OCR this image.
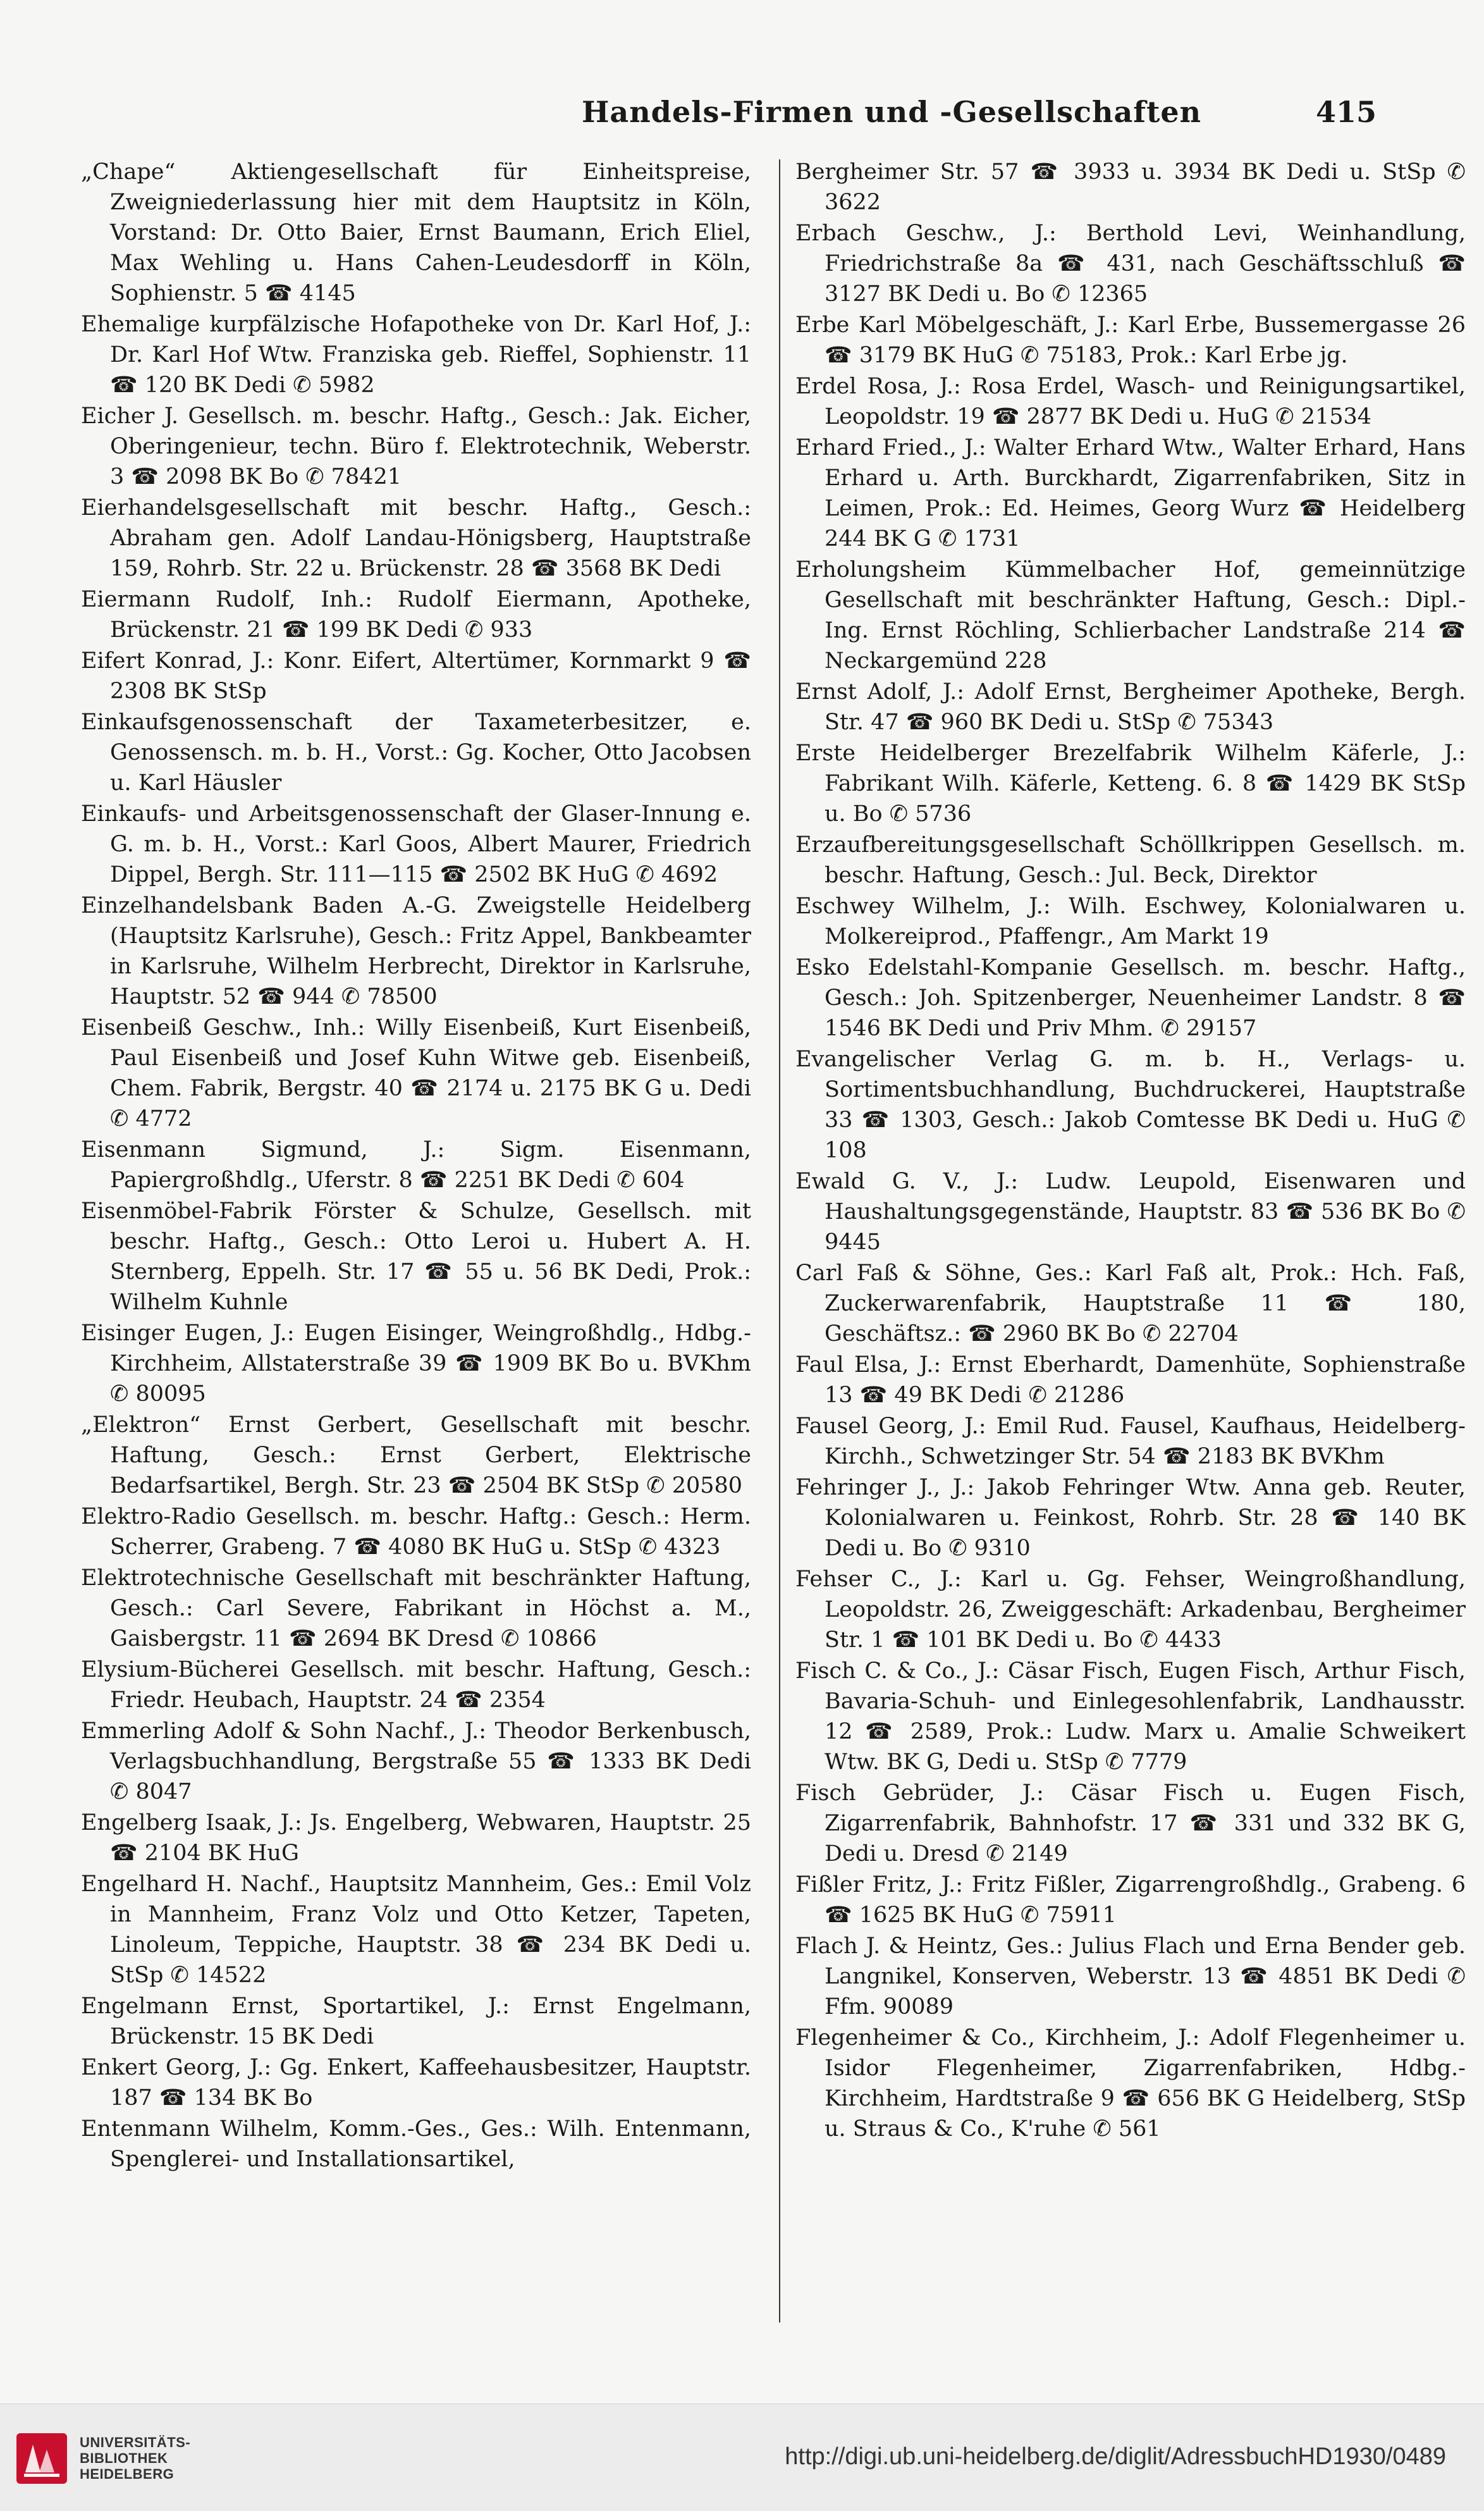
Handels-Firmen und -Gesellschaften	415

„Chape“ Aktiengesellschaft für Einheitspreise, Zweigniederlassung hier mit dem Hauptsitz in Köln, Vorstand: Dr. Otto Baier, Ernst Baumann, Erich Eliel, Max Wehling u. Hans Cahen-Leudesdorff in Köln, Sophienstr. 5 ☎ 4145

Ehemalige kurpfälzische Hofapotheke von Dr. Karl Hof, J.: Dr. Karl Hof Wtw. Franziska geb. Rieffel, Sophienstr. 11 ☎ 120 BK Dedi ✆ 5982

Eicher J. Gesellsch. m. beschr. Haftg., Gesch.: Jak. Eicher, Oberingenieur, techn. Büro f. Elektrotechnik, Weberstr. 3 ☎ 2098 BK Bo ✆ 78421

Eierhandelsgesellschaft mit beschr. Haftg., Gesch.: Abraham gen. Adolf Landau-Hönigsberg, Hauptstraße 159, Rohrb. Str. 22 u. Brückenstr. 28 ☎ 3568 BK Dedi

Eiermann Rudolf, Inh.: Rudolf Eiermann, Apotheke, Brückenstr. 21 ☎ 199 BK Dedi ✆ 933

Eifert Konrad, J.: Konr. Eifert, Altertümer, Kornmarkt 9 ☎ 2308 BK StSp

Einkaufsgenossenschaft der Taxameterbesitzer, e. Genossensch. m. b. H., Vorst.: Gg. Kocher, Otto Jacobsen u. Karl Häusler

Einkaufs- und Arbeitsgenossenschaft der Glaser-Innung e. G. m. b. H., Vorst.: Karl Goos, Albert Maurer, Friedrich Dippel, Bergh. Str. 111—115 ☎ 2502 BK HuG ✆ 4692

Einzelhandelsbank Baden A.-G. Zweigstelle Heidelberg (Hauptsitz Karlsruhe), Gesch.: Fritz Appel, Bankbeamter in Karlsruhe, Wilhelm Herbrecht, Direktor in Karlsruhe, Hauptstr. 52 ☎ 944 ✆ 78500

Eisenbeiß Geschw., Inh.: Willy Eisenbeiß, Kurt Eisenbeiß, Paul Eisenbeiß und Josef Kuhn Witwe geb. Eisenbeiß, Chem. Fabrik, Bergstr. 40 ☎ 2174 u. 2175 BK G u. Dedi ✆ 4772

Eisenmann Sigmund, J.: Sigm. Eisenmann, Papiergroßhdlg., Uferstr. 8 ☎ 2251 BK Dedi ✆ 604

Eisenmöbel-Fabrik Förster & Schulze, Gesellsch. mit beschr. Haftg., Gesch.: Otto Leroi u. Hubert A. H. Sternberg, Eppelh. Str. 17 ☎ 55 u. 56 BK Dedi, Prok.: Wilhelm Kuhnle

Eisinger Eugen, J.: Eugen Eisinger, Weingroßhdlg., Hdbg.-Kirchheim, Allstaterstraße 39 ☎ 1909 BK Bo u. BVKhm ✆ 80095

„Elektron“ Ernst Gerbert, Gesellschaft mit beschr. Haftung, Gesch.: Ernst Gerbert, Elektrische Bedarfsartikel, Bergh. Str. 23 ☎ 2504 BK StSp ✆ 20580

Elektro-Radio Gesellsch. m. beschr. Haftg.: Gesch.: Herm. Scherrer, Grabeng. 7 ☎ 4080 BK HuG u. StSp ✆ 4323

Elektrotechnische Gesellschaft mit beschränkter Haftung, Gesch.: Carl Severe, Fabrikant in Höchst a. M., Gaisbergstr. 11 ☎ 2694 BK Dresd ✆ 10866

Elysium-Bücherei Gesellsch. mit beschr. Haftung, Gesch.: Friedr. Heubach, Hauptstr. 24 ☎ 2354

Emmerling Adolf & Sohn Nachf., J.: Theodor Berkenbusch, Verlagsbuchhandlung, Bergstraße 55 ☎ 1333 BK Dedi ✆ 8047

Engelberg Isaak, J.: Js. Engelberg, Webwaren, Hauptstr. 25 ☎ 2104 BK HuG

Engelhard H. Nachf., Hauptsitz Mannheim, Ges.: Emil Volz in Mannheim, Franz Volz und Otto Ketzer, Tapeten, Linoleum, Teppiche, Hauptstr. 38 ☎ 234 BK Dedi u. StSp ✆ 14522

Engelmann Ernst, Sportartikel, J.: Ernst Engelmann, Brückenstr. 15 BK Dedi

Enkert Georg, J.: Gg. Enkert, Kaffeehausbesitzer, Hauptstr. 187 ☎ 134 BK Bo

Entenmann Wilhelm, Komm.-Ges., Ges.: Wilh. Entenmann, Spenglerei- und Installationsartikel,

Bergheimer Str. 57 ☎ 3933 u. 3934 BK Dedi u. StSp ✆ 3622

Erbach Geschw., J.: Berthold Levi, Weinhandlung, Friedrichstraße 8a ☎ 431, nach Geschäftsschluß ☎ 3127 BK Dedi u. Bo ✆ 12365

Erbe Karl Möbelgeschäft, J.: Karl Erbe, Bussemergasse 26 ☎ 3179 BK HuG ✆ 75183, Prok.: Karl Erbe jg.

Erdel Rosa, J.: Rosa Erdel, Wasch- und Reinigungsartikel, Leopoldstr. 19 ☎ 2877 BK Dedi u. HuG ✆ 21534

Erhard Fried., J.: Walter Erhard Wtw., Walter Erhard, Hans Erhard u. Arth. Burckhardt, Zigarrenfabriken, Sitz in Leimen, Prok.: Ed. Heimes, Georg Wurz ☎ Heidelberg 244 BK G ✆ 1731

Erholungsheim Kümmelbacher Hof, gemeinnützige Gesellschaft mit beschränkter Haftung, Gesch.: Dipl.-Ing. Ernst Röchling, Schlierbacher Landstraße 214 ☎ Neckargemünd 228

Ernst Adolf, J.: Adolf Ernst, Bergheimer Apotheke, Bergh. Str. 47 ☎ 960 BK Dedi u. StSp ✆ 75343

Erste Heidelberger Brezelfabrik Wilhelm Käferle, J.: Fabrikant Wilh. Käferle, Ketteng. 6. 8 ☎ 1429 BK StSp u. Bo ✆ 5736

Erzaufbereitungsgesellschaft Schöllkrippen Gesellsch. m. beschr. Haftung, Gesch.: Jul. Beck, Direktor

Eschwey Wilhelm, J.: Wilh. Eschwey, Kolonialwaren u. Molkereiprod., Pfaffengr., Am Markt 19

Esko Edelstahl-Kompanie Gesellsch. m. beschr. Haftg., Gesch.: Joh. Spitzenberger, Neuenheimer Landstr. 8 ☎ 1546 BK Dedi und Priv Mhm. ✆ 29157

Evangelischer Verlag G. m. b. H., Verlags- u. Sortimentsbuchhandlung, Buchdruckerei, Hauptstraße 33 ☎ 1303, Gesch.: Jakob Comtesse BK Dedi u. HuG ✆ 108

Ewald G. V., J.: Ludw. Leupold, Eisenwaren und Haushaltungsgegenstände, Hauptstr. 83 ☎ 536 BK Bo ✆ 9445

Carl Faß & Söhne, Ges.: Karl Faß alt, Prok.: Hch. Faß, Zuckerwarenfabrik, Hauptstraße 11 ☎ 180, Geschäftsz.: ☎ 2960 BK Bo ✆ 22704

Faul Elsa, J.: Ernst Eberhardt, Damenhüte, Sophienstraße 13 ☎ 49 BK Dedi ✆ 21286

Fausel Georg, J.: Emil Rud. Fausel, Kaufhaus, Heidelberg-Kirchh., Schwetzinger Str. 54 ☎ 2183 BK BVKhm

Fehringer J., J.: Jakob Fehringer Wtw. Anna geb. Reuter, Kolonialwaren u. Feinkost, Rohrb. Str. 28 ☎ 140 BK Dedi u. Bo ✆ 9310

Fehser C., J.: Karl u. Gg. Fehser, Weingroßhandlung, Leopoldstr. 26, Zweiggeschäft: Arkadenbau, Bergheimer Str. 1 ☎ 101 BK Dedi u. Bo ✆ 4433

Fisch C. & Co., J.: Cäsar Fisch, Eugen Fisch, Arthur Fisch, Bavaria-Schuh- und Einlegesohlenfabrik, Landhausstr. 12 ☎ 2589, Prok.: Ludw. Marx u. Amalie Schweikert Wtw. BK G, Dedi u. StSp ✆ 7779

Fisch Gebrüder, J.: Cäsar Fisch u. Eugen Fisch, Zigarrenfabrik, Bahnhofstr. 17 ☎ 331 und 332 BK G, Dedi u. Dresd ✆ 2149

Fißler Fritz, J.: Fritz Fißler, Zigarrengroßhdlg., Grabeng. 6 ☎ 1625 BK HuG ✆ 75911

Flach J. & Heintz, Ges.: Julius Flach und Erna Bender geb. Langnikel, Konserven, Weberstr. 13 ☎ 4851 BK Dedi ✆ Ffm. 90089

Flegenheimer & Co., Kirchheim, J.: Adolf Flegenheimer u. Isidor Flegenheimer, Zigarrenfabriken, Hdbg.-Kirchheim, Hardtstraße 9 ☎ 656 BK G Heidelberg, StSp u. Straus & Co., K'ruhe ✆ 561

UNIVERSITÄTS-
BIBLIOTHEK
HEIDELBERG
http://digi.ub.uni-heidelberg.de/diglit/AdressbuchHD1930/0489
